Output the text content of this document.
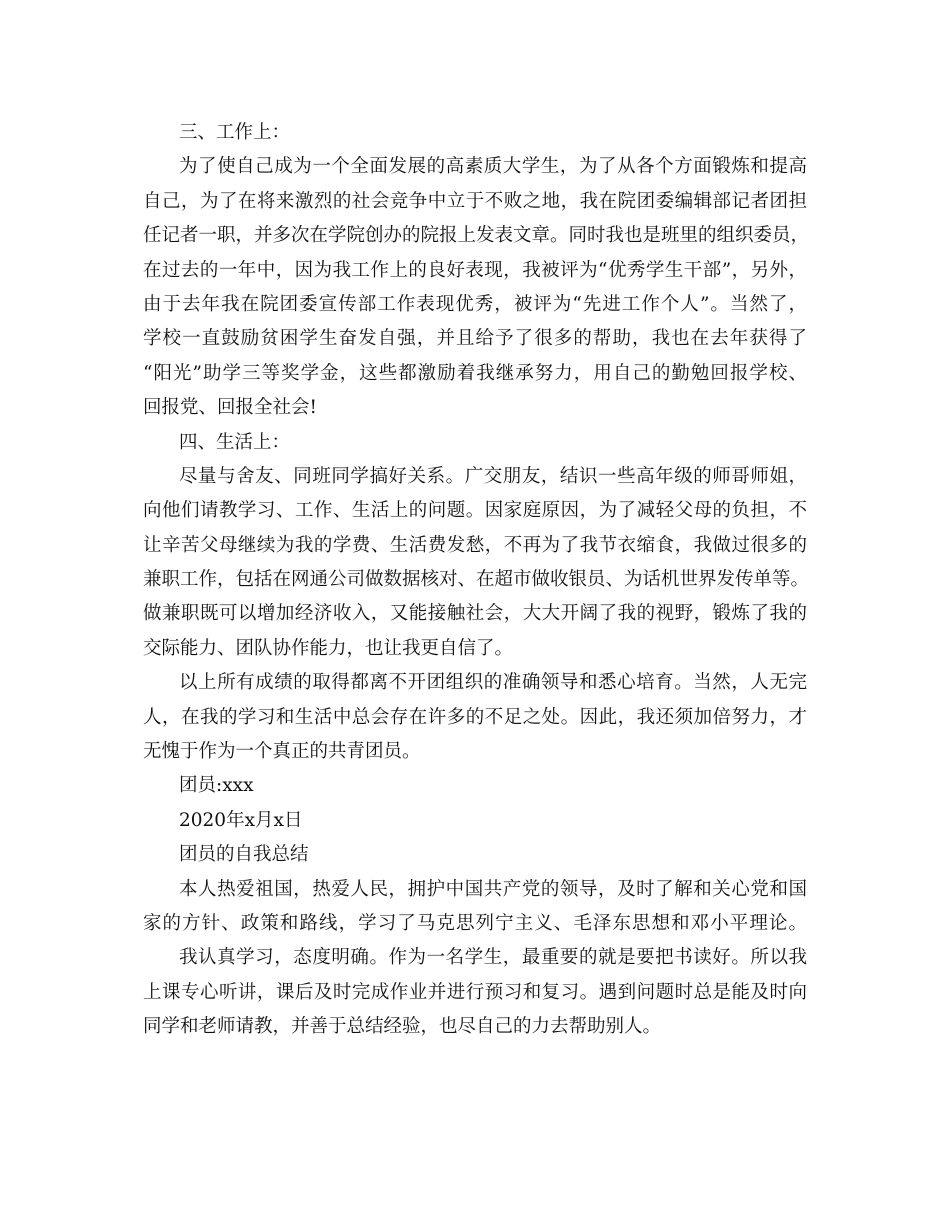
三、工作上：
为了使自己成为一个全面发展的高素质大学生，为了从各个方面锻炼和提高
自己，为了在将来激烈的社会竞争中立于不败之地，我在院团委编辑部记者团担
任记者一职，并多次在学院创办的院报上发表文章。同时我也是班里的组织委员，
在过去的一年中，因为我工作上的良好表现，我被评为“优秀学生干部”，另外，
由于去年我在院团委宣传部工作表现优秀，被评为“先进工作个人”。当然了，
学校一直鼓励贫困学生奋发自强，并且给予了很多的帮助，我也在去年获得了
“阳光”助学三等奖学金，这些都激励着我继承努力，用自己的勤勉回报学校、
回报党、回报全社会!
四、生活上：
尽量与舍友、同班同学搞好关系。广交朋友，结识一些高年级的师哥师姐，
向他们请教学习、工作、生活上的问题。因家庭原因，为了减轻父母的负担，不
让辛苦父母继续为我的学费、生活费发愁，不再为了我节衣缩食，我做过很多的
兼职工作，包括在网通公司做数据核对、在超市做收银员、为话机世界发传单等。
做兼职既可以增加经济收入，又能接触社会，大大开阔了我的视野，锻炼了我的
交际能力、团队协作能力，也让我更自信了。
以上所有成绩的取得都离不开团组织的准确领导和悉心培育。当然，人无完
人，在我的学习和生活中总会存在许多的不足之处。因此，我还须加倍努力，才
无愧于作为一个真正的共青团员。
团员:xxx
2020年x月x日
团员的自我总结
本人热爱祖国，热爱人民，拥护中国共产党的领导，及时了解和关心党和国
家的方针、政策和路线，学习了马克思列宁主义、毛泽东思想和邓小平理论。
我认真学习，态度明确。作为一名学生，最重要的就是要把书读好。所以我
上课专心听讲，课后及时完成作业并进行预习和复习。遇到问题时总是能及时向
同学和老师请教，并善于总结经验，也尽自己的力去帮助别人。
